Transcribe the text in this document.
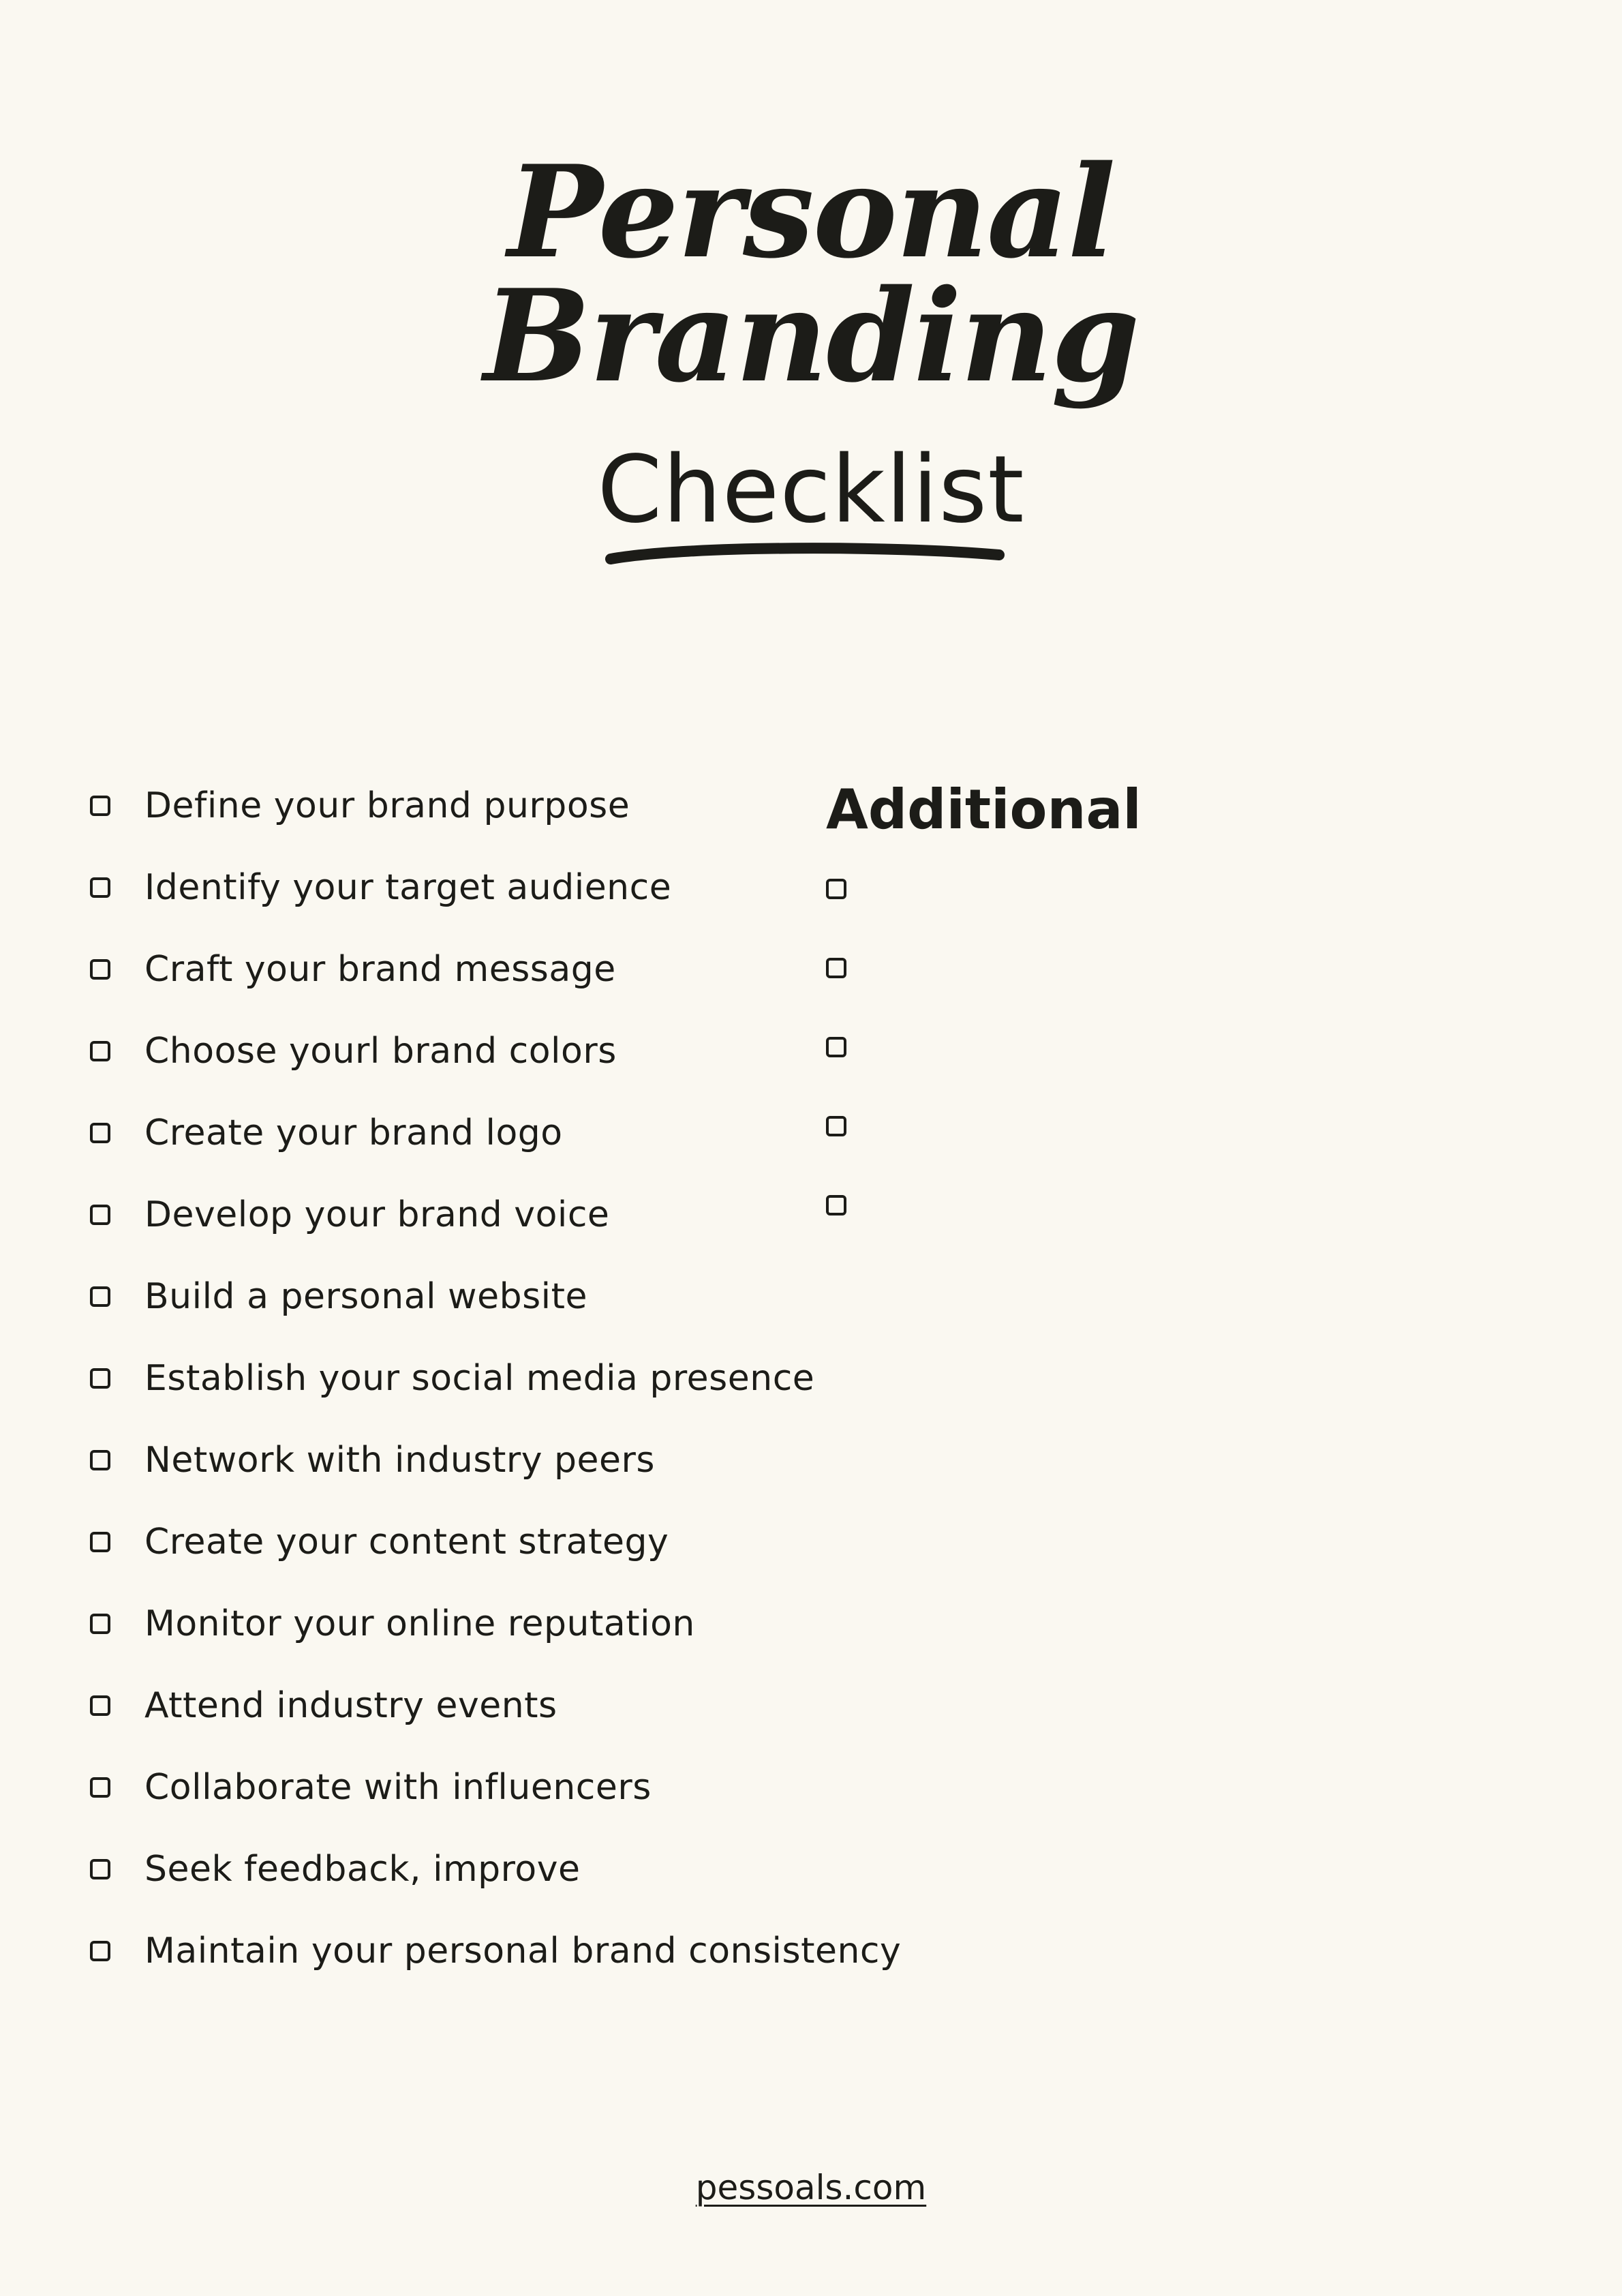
Personal
Branding
Checklist
Define your brand purpose
Identify your target audience
Craft your brand message
Choose yourl brand colors
Create your brand logo
Develop your brand voice
Build a personal website
Establish your social media presence
Network with industry peers
Create your content strategy
Monitor your online reputation
Attend industry events
Collaborate with influencers
Seek feedback, improve
Maintain your personal brand consistency
Additional
pessoals.com
